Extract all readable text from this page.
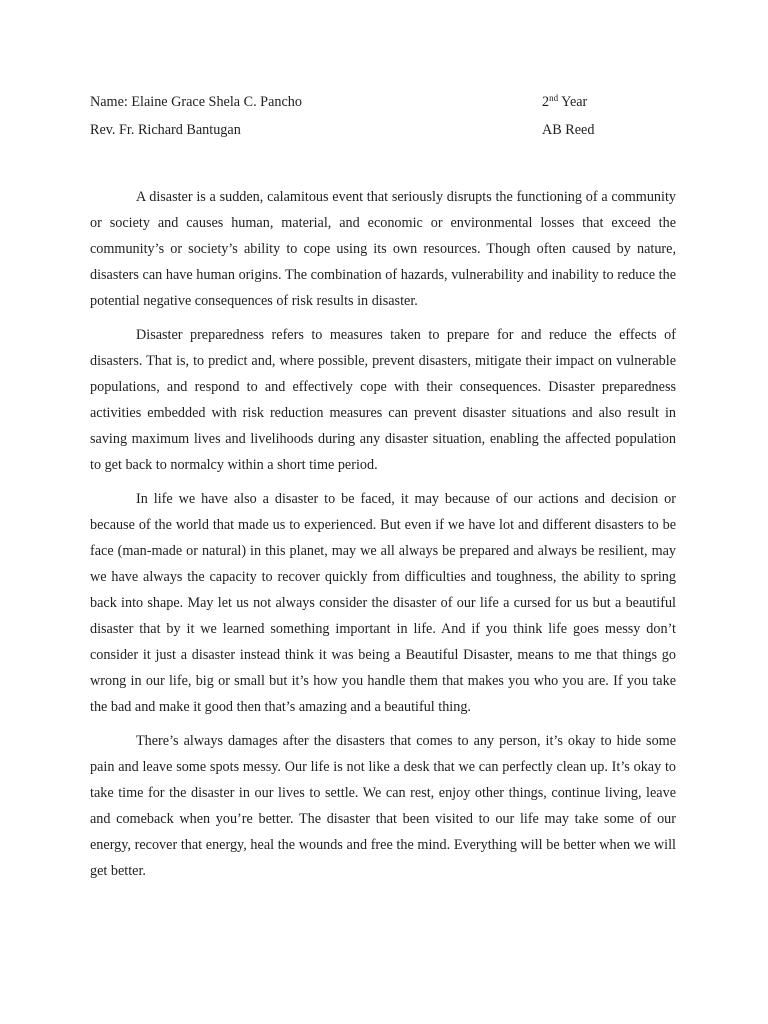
Name: Elaine Grace Shela C. Pancho	2nd Year
Rev. Fr. Richard Bantugan	AB Reed

A disaster is a sudden, calamitous event that seriously disrupts the functioning of a community or society and causes human, material, and economic or environmental losses that exceed the community’s or society’s ability to cope using its own resources. Though often caused by nature, disasters can have human origins. The combination of hazards, vulnerability and inability to reduce the potential negative consequences of risk results in disaster.

Disaster preparedness refers to measures taken to prepare for and reduce the effects of disasters. That is, to predict and, where possible, prevent disasters, mitigate their impact on vulnerable populations, and respond to and effectively cope with their consequences. Disaster preparedness activities embedded with risk reduction measures can prevent disaster situations and also result in saving maximum lives and livelihoods during any disaster situation, enabling the affected population to get back to normalcy within a short time period.

In life we have also a disaster to be faced, it may because of our actions and decision or because of the world that made us to experienced. But even if we have lot and different disasters to be face (man-made or natural) in this planet, may we all always be prepared and always be resilient, may we have always the capacity to recover quickly from difficulties and toughness, the ability to spring back into shape. May let us not always consider the disaster of our life a cursed for us but a beautiful disaster that by it we learned something important in life. And if you think life goes messy don’t consider it just a disaster instead think it was being a Beautiful Disaster, means to me that things go wrong in our life, big or small but it’s how you handle them that makes you who you are. If you take the bad and make it good then that’s amazing and a beautiful thing.

There’s always damages after the disasters that comes to any person, it’s okay to hide some pain and leave some spots messy. Our life is not like a desk that we can perfectly clean up. It’s okay to take time for the disaster in our lives to settle. We can rest, enjoy other things, continue living, leave and comeback when you’re better. The disaster that been visited to our life may take some of our energy, recover that energy, heal the wounds and free the mind. Everything will be better when we will get better.
